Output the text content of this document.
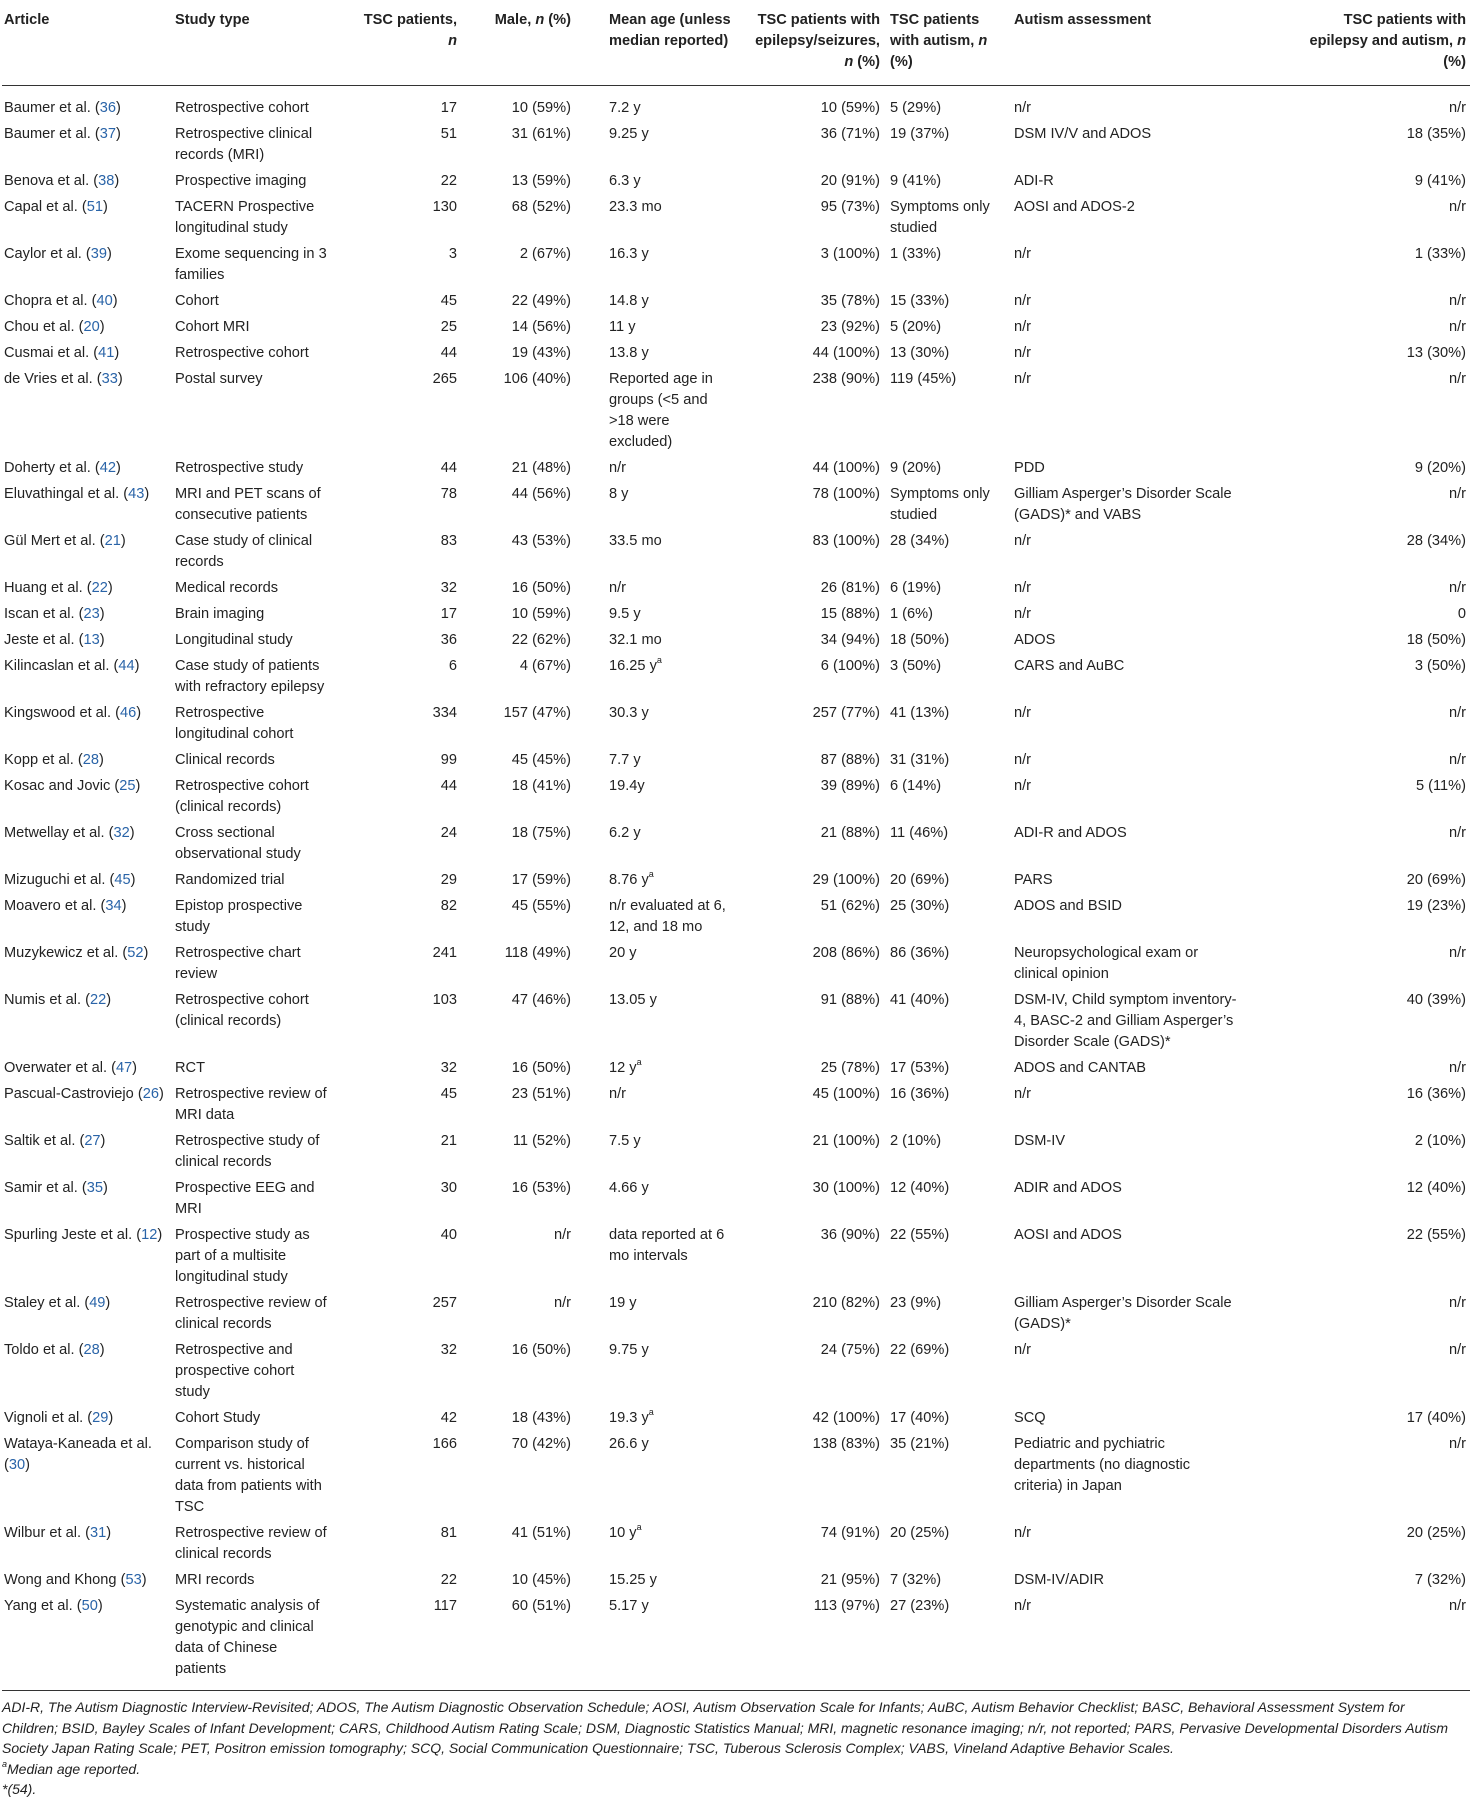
Article	Study type	TSC patients, n	Male, n (%)	Mean age (unless median reported)	TSC patients with epilepsy/seizures, n (%)	TSC patients with autism, n (%)	Autism assessment	TSC patients with epilepsy and autism, n (%)
Baumer et al. (36)	Retrospective cohort	17	10 (59%)	7.2 y	10 (59%)	5 (29%)	n/r	n/r
Baumer et al. (37)	Retrospective clinical records (MRI)	51	31 (61%)	9.25 y	36 (71%)	19 (37%)	DSM IV/V and ADOS	18 (35%)
Benova et al. (38)	Prospective imaging	22	13 (59%)	6.3 y	20 (91%)	9 (41%)	ADI-R	9 (41%)
Capal et al. (51)	TACERN Prospective longitudinal study	130	68 (52%)	23.3 mo	95 (73%)	Symptoms only studied	AOSI and ADOS-2	n/r
Caylor et al. (39)	Exome sequencing in 3 families	3	2 (67%)	16.3 y	3 (100%)	1 (33%)	n/r	1 (33%)
Chopra et al. (40)	Cohort	45	22 (49%)	14.8 y	35 (78%)	15 (33%)	n/r	n/r
Chou et al. (20)	Cohort MRI	25	14 (56%)	11 y	23 (92%)	5 (20%)	n/r	n/r
Cusmai et al. (41)	Retrospective cohort	44	19 (43%)	13.8 y	44 (100%)	13 (30%)	n/r	13 (30%)
de Vries et al. (33)	Postal survey	265	106 (40%)	Reported age in groups (<5 and >18 were excluded)	238 (90%)	119 (45%)	n/r	n/r
Doherty et al. (42)	Retrospective study	44	21 (48%)	n/r	44 (100%)	9 (20%)	PDD	9 (20%)
Eluvathingal et al. (43)	MRI and PET scans of consecutive patients	78	44 (56%)	8 y	78 (100%)	Symptoms only studied	Gilliam Asperger’s Disorder Scale (GADS)* and VABS	n/r
Gül Mert et al. (21)	Case study of clinical records	83	43 (53%)	33.5 mo	83 (100%)	28 (34%)	n/r	28 (34%)
Huang et al. (22)	Medical records	32	16 (50%)	n/r	26 (81%)	6 (19%)	n/r	n/r
Iscan et al. (23)	Brain imaging	17	10 (59%)	9.5 y	15 (88%)	1 (6%)	n/r	0
Jeste et al. (13)	Longitudinal study	36	22 (62%)	32.1 mo	34 (94%)	18 (50%)	ADOS	18 (50%)
Kilincaslan et al. (44)	Case study of patients with refractory epilepsy	6	4 (67%)	16.25 $y^a$	6 (100%)	3 (50%)	CARS and AuBC	3 (50%)
Kingswood et al. (46)	Retrospective longitudinal cohort	334	157 (47%)	30.3 y	257 (77%)	41 (13%)	n/r	n/r
Kopp et al. (28)	Clinical records	99	45 (45%)	7.7 y	87 (88%)	31 (31%)	n/r	n/r
Kosac and Jovic (25)	Retrospective cohort (clinical records)	44	18 (41%)	19.4y	39 (89%)	6 (14%)	n/r	5 (11%)
Metwellay et al. (32)	Cross sectional observational study	24	18 (75%)	6.2 y	21 (88%)	11 (46%)	ADI-R and ADOS	n/r
Mizuguchi et al. (45)	Randomized trial	29	17 (59%)	8.76 $y^a$	29 (100%)	20 (69%)	PARS	20 (69%)
Moavero et al. (34)	Epistop prospective study	82	45 (55%)	n/r evaluated at 6, 12, and 18 mo	51 (62%)	25 (30%)	ADOS and BSID	19 (23%)
Muzykewicz et al. (52)	Retrospective chart review	241	118 (49%)	20 y	208 (86%)	86 (36%)	Neuropsychological exam or clinical opinion	n/r
Numis et al. (22)	Retrospective cohort (clinical records)	103	47 (46%)	13.05 y	91 (88%)	41 (40%)	DSM-IV, Child symptom inventory-4, BASC-2 and Gilliam Asperger’s Disorder Scale (GADS)*	40 (39%)
Overwater et al. (47)	RCT	32	16 (50%)	12 $y^a$	25 (78%)	17 (53%)	ADOS and CANTAB	n/r
Pascual-Castroviejo (26)	Retrospective review of MRI data	45	23 (51%)	n/r	45 (100%)	16 (36%)	n/r	16 (36%)
Saltik et al. (27)	Retrospective study of clinical records	21	11 (52%)	7.5 y	21 (100%)	2 (10%)	DSM-IV	2 (10%)
Samir et al. (35)	Prospective EEG and MRI	30	16 (53%)	4.66 y	30 (100%)	12 (40%)	ADIR and ADOS	12 (40%)
Spurling Jeste et al. (12)	Prospective study as part of a multisite longitudinal study	40	n/r	data reported at 6 mo intervals	36 (90%)	22 (55%)	AOSI and ADOS	22 (55%)
Staley et al. (49)	Retrospective review of clinical records	257	n/r	19 y	210 (82%)	23 (9%)	Gilliam Asperger’s Disorder Scale (GADS)*	n/r
Toldo et al. (28)	Retrospective and prospective cohort study	32	16 (50%)	9.75 y	24 (75%)	22 (69%)	n/r	n/r
Vignoli et al. (29)	Cohort Study	42	18 (43%)	19.3 $y^a$	42 (100%)	17 (40%)	SCQ	17 (40%)
Wataya-Kaneada et al. (30)	Comparison study of current vs. historical data from patients with TSC	166	70 (42%)	26.6 y	138 (83%)	35 (21%)	Pediatric and pychiatric departments (no diagnostic criteria) in Japan	n/r
Wilbur et al. (31)	Retrospective review of clinical records	81	41 (51%)	10 $y^a$	74 (91%)	20 (25%)	n/r	20 (25%)
Wong and Khong (53)	MRI records	22	10 (45%)	15.25 y	21 (95%)	7 (32%)	DSM-IV/ADIR	7 (32%)
Yang et al. (50)	Systematic analysis of genotypic and clinical data of Chinese patients	117	60 (51%)	5.17 y	113 (97%)	27 (23%)	n/r	n/r

ADI-R, The Autism Diagnostic Interview-Revisited; ADOS, The Autism Diagnostic Observation Schedule; AOSI, Autism Observation Scale for Infants; AuBC, Autism Behavior Checklist; BASC, Behavioral Assessment System for Children; BSID, Bayley Scales of Infant Development; CARS, Childhood Autism Rating Scale; DSM, Diagnostic Statistics Manual; MRI, magnetic resonance imaging; n/r, not reported; PARS, Pervasive Developmental Disorders Autism Society Japan Rating Scale; PET, Positron emission tomography; SCQ, Social Communication Questionnaire; TSC, Tuberous Sclerosis Complex; VABS, Vineland Adaptive Behavior Scales.

$^a$Median age reported.

*(54).
